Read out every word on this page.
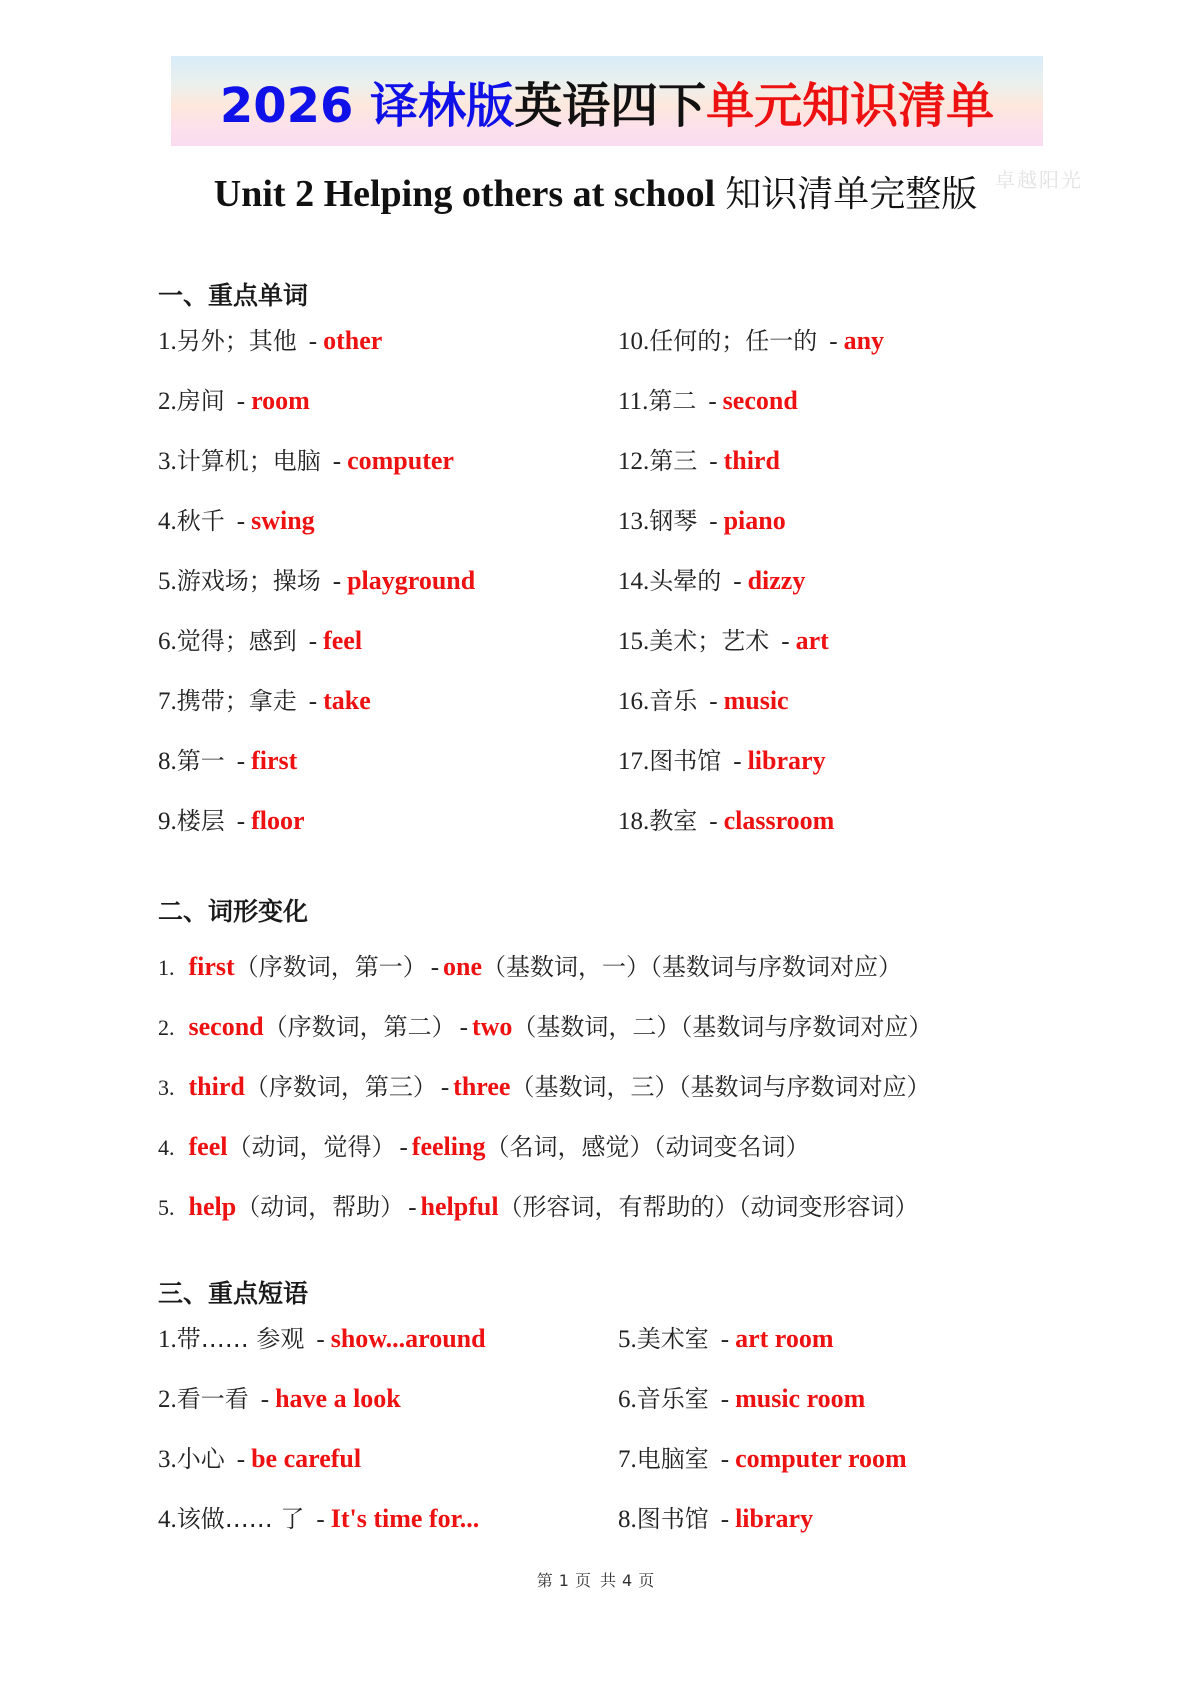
2026 译林版英语四下单元知识清单
Unit 2 Helping others at school 知识清单完整版 卓越阳光
一、重点单词
1.另外；其他 - other
2.房间 - room
3.计算机；电脑 - computer
4.秋千 - swing
5.游戏场；操场 - playground
6.觉得；感到 - feel
7.携带；拿走 - take
8.第一 - first
9.楼层 - floor
10.任何的；任一的 - any
11.第二 - second
12.第三 - third
13.钢琴 - piano
14.头晕的 - dizzy
15.美术；艺术 - art
16.音乐 - music
17.图书馆 - library
18.教室 - classroom
二、词形变化
1. first（序数词，第一） - one（基数词，一）（基数词与序数词对应）
2. second（序数词，第二） - two（基数词，二）（基数词与序数词对应）
3. third（序数词，第三） - three（基数词，三）（基数词与序数词对应）
4. feel（动词，觉得） - feeling（名词，感觉）（动词变名词）
5. help（动词，帮助） - helpful（形容词，有帮助的）（动词变形容词）
三、重点短语
1.带…… 参观 - show...around
2.看一看 - have a look
3.小心 - be careful
4.该做…… 了 - It's time for...
5.美术室 - art room
6.音乐室 - music room
7.电脑室 - computer room
8.图书馆 - library
第 1 页 共 4 页
